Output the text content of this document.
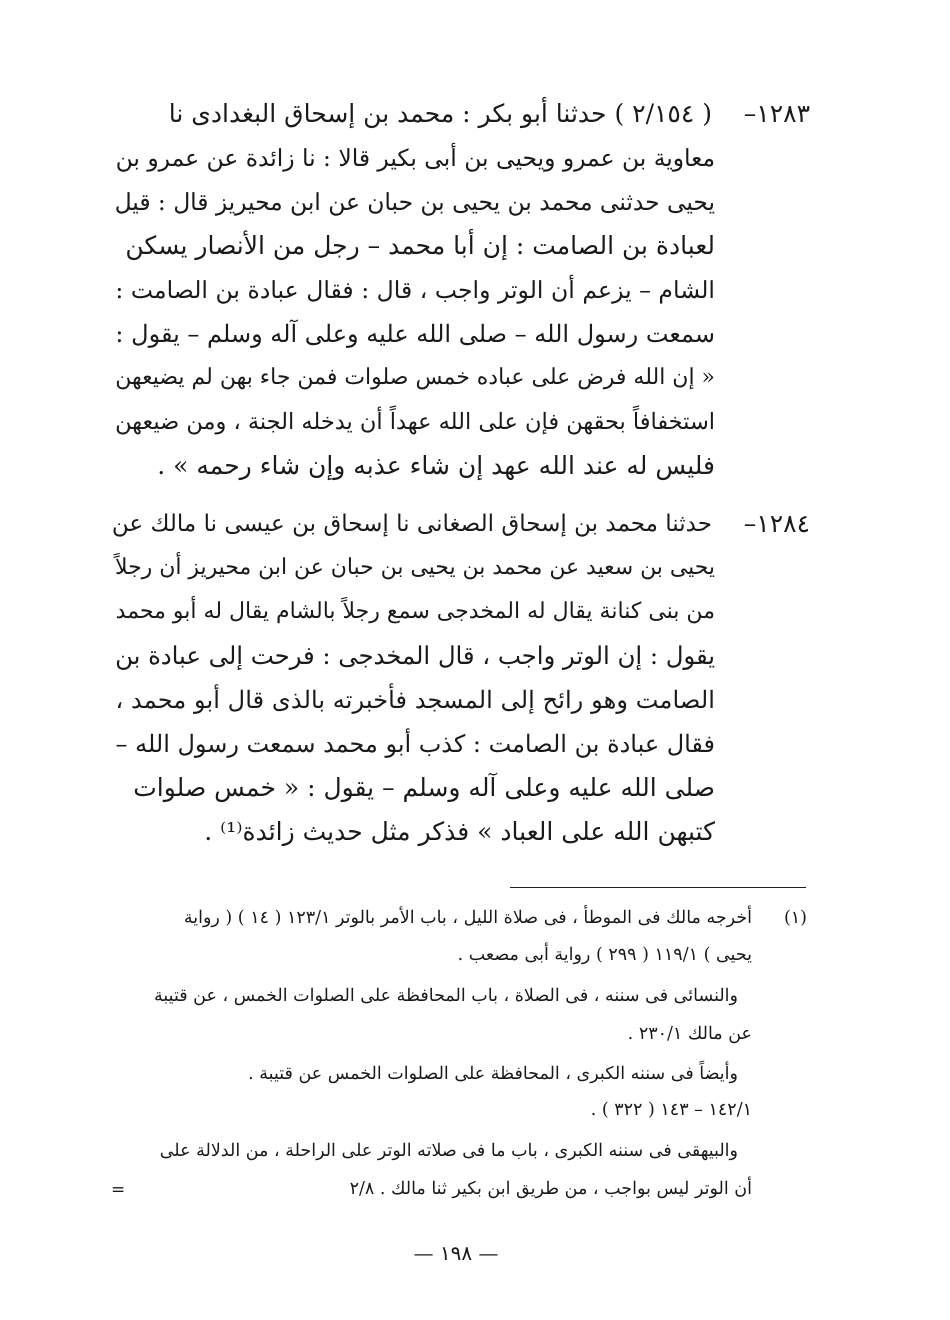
١٢٨٣–
( ٢/١٥٤ ) حدثنا أبو بكر : محمد بن إسحاق البغدادى نا
معاوية بن عمرو ويحيى بن أبى بكير قالا : نا زائدة عن عمرو بن
يحيى حدثنى محمد بن يحيى بن حبان عن ابن محيريز قال : قيل
لعبادة بن الصامت : إن أبا محمد – رجل من الأنصار يسكن
الشام – يزعم أن الوتر واجب ، قال : فقال عبادة بن الصامت :
سمعت رسول الله – صلى الله عليه وعلى آله وسلم – يقول :
« إن الله فرض على عباده خمس صلوات فمن جاء بهن لم يضيعهن
استخفافاً بحقهن فإن على الله عهداً أن يدخله الجنة ، ومن ضيعهن
فليس له عند الله عهد إن شاء عذبه وإن شاء رحمه » .
١٢٨٤–
حدثنا محمد بن إسحاق الصغانى نا إسحاق بن عيسى نا مالك عن
يحيى بن سعيد عن محمد بن يحيى بن حبان عن ابن محيريز أن رجلاً
من بنى كنانة يقال له المخدجى سمع رجلاً بالشام يقال له أبو محمد
يقول : إن الوتر واجب ، قال المخدجى : فرحت إلى عبادة بن
الصامت وهو رائح إلى المسجد فأخبرته بالذى قال أبو محمد ،
فقال عبادة بن الصامت : كذب أبو محمد سمعت رسول الله –
صلى الله عليه وعلى آله وسلم – يقول : « خمس صلوات
كتبهن الله على العباد » فذكر مثل حديث زائدة⁽¹⁾ .
(١)
أخرجه مالك فى الموطأ ، فى صلاة الليل ، باب الأمر بالوتر ١٢٣/١ ( ١٤ ) ( رواية
يحيى ) ١١٩/١ ( ٢٩٩ ) رواية أبى مصعب .
والنسائى فى سننه ، فى الصلاة ، باب المحافظة على الصلوات الخمس ، عن قتيبة
عن مالك ٢٣٠/١ .
وأيضاً فى سننه الكبرى ، المحافظة على الصلوات الخمس عن قتيبة .
١٤٢/١ – ١٤٣ ( ٣٢٢ ) .
والبيهقى فى سننه الكبرى ، باب ما فى صلاته الوتر على الراحلة ، من الدلالة على
أن الوتر ليس بواجب ، من طريق ابن بكير ثنا مالك . ٢/٨
=
— ١٩٨ —
